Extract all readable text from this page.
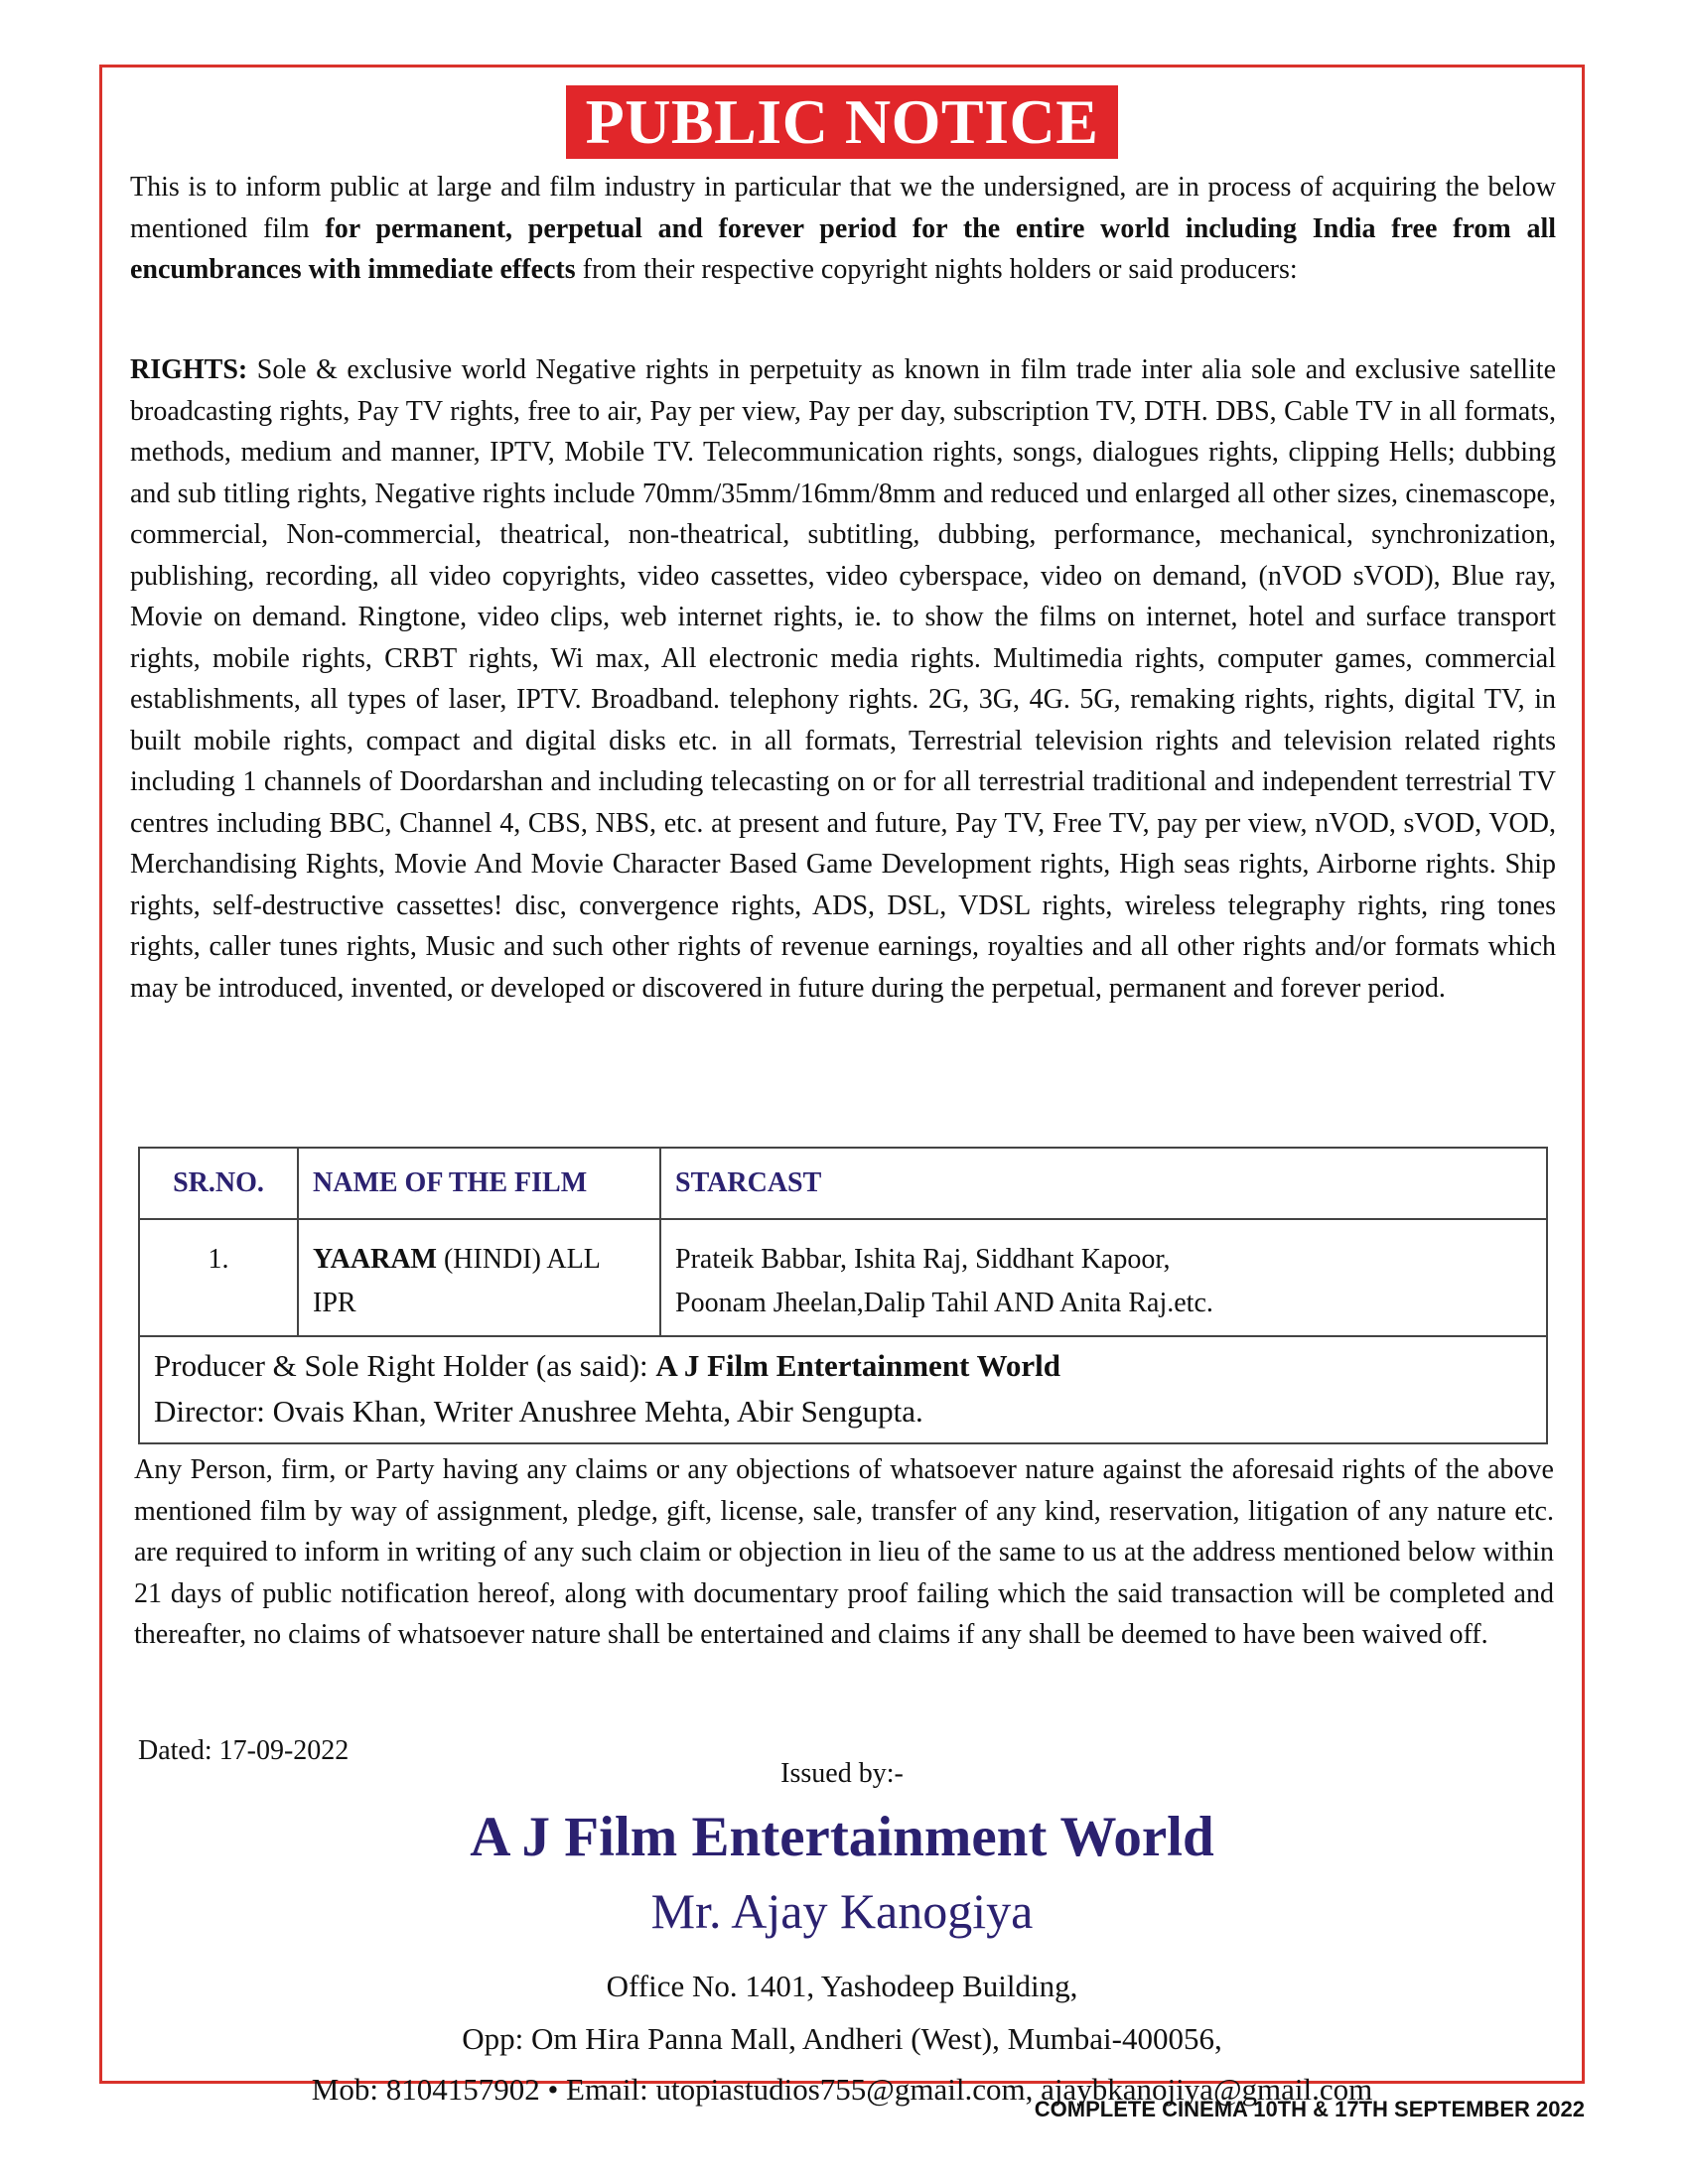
PUBLIC NOTICE

This is to inform public at large and film industry in particular that we the undersigned, are in process of acquiring the below mentioned film for permanent, perpetual and forever period for the entire world including India free from all encumbrances with immediate effects from their respective copyright nights holders or said producers:

RIGHTS: Sole & exclusive world Negative rights in perpetuity as known in film trade inter alia sole and exclusive satellite broadcasting rights, Pay TV rights, free to air, Pay per view, Pay per day, subscription TV, DTH. DBS, Cable TV in all formats, methods, medium and manner, IPTV, Mobile TV. Telecommunication rights, songs, dialogues rights, clipping Hells; dubbing and sub titling rights, Negative rights include 70mm/35mm/16mm/8mm and reduced und enlarged all other sizes, cinemascope, commercial, Non-commercial, theatrical, non-theatrical, subtitling, dubbing, performance, mechanical, synchronization, publishing, recording, all video copyrights, video cassettes, video cyberspace, video on demand, (nVOD sVOD), Blue ray, Movie on demand. Ringtone, video clips, web internet rights, ie. to show the films on internet, hotel and surface transport rights, mobile rights, CRBT rights, Wi max, All electronic media rights. Multimedia rights, computer games, commercial establishments, all types of laser, IPTV. Broadband. telephony rights. 2G, 3G, 4G. 5G, remaking rights, rights, digital TV, in built mobile rights, compact and digital disks etc. in all formats, Terrestrial television rights and television related rights including 1 channels of Doordarshan and including telecasting on or for all terrestrial traditional and independent terrestrial TV centres including BBC, Channel 4, CBS, NBS, etc. at present and future, Pay TV, Free TV, pay per view, nVOD, sVOD, VOD, Merchandising Rights, Movie And Movie Character Based Game Development rights, High seas rights, Airborne rights. Ship rights, self-destructive cassettes! disc, convergence rights, ADS, DSL, VDSL rights, wireless telegraphy rights, ring tones rights, caller tunes rights, Music and such other rights of revenue earnings, royalties and all other rights and/or formats which may be introduced, invented, or developed or discovered in future during the perpetual, permanent and forever period.

SR.NO.	NAME OF THE FILM	STARCAST
1.	YAARAM (HINDI) ALL IPR	Prateik Babbar, Ishita Raj, Siddhant Kapoor,
Poonam Jheelan,Dalip Tahil AND Anita Raj.etc.

Producer & Sole Right Holder (as said): A J Film Entertainment World
Director: Ovais Khan, Writer Anushree Mehta, Abir Sengupta.		

Any Person, firm, or Party having any claims or any objections of whatsoever nature against the aforesaid rights of the above mentioned film by way of assignment, pledge, gift, license, sale, transfer of any kind, reservation, litigation of any nature etc. are required to inform in writing of any such claim or objection in lieu of the same to us at the address mentioned below within 21 days of public notification hereof, along with documentary proof failing which the said transaction will be completed and thereafter, no claims of whatsoever nature shall be entertained and claims if any shall be deemed to have been waived off.

Dated: 17-09-2022
Issued by:-
A J Film Entertainment World
Mr. Ajay Kanogiya
Office No. 1401, Yashodeep Building,
Opp: Om Hira Panna Mall, Andheri (West), Mumbai-400056,
Mob: 8104157902 • Email: utopiastudios755@gmail.com, ajaybkanojiya@gmail.com
COMPLETE CINEMA 10TH & 17TH SEPTEMBER 2022
